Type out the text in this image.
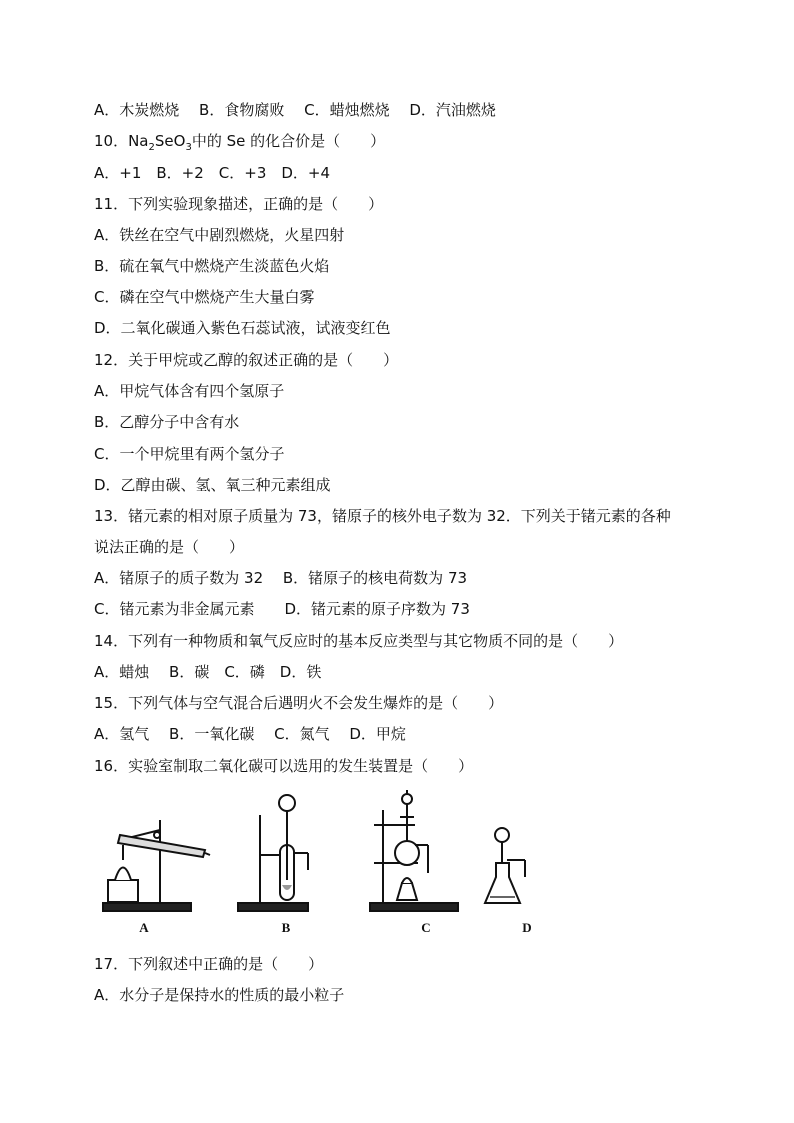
A．木炭燃烧　 B．食物腐败　 C．蜡烛燃烧　 D．汽油燃烧
10．$Na_2SeO_3$中的 Se 的化合价是（　　）
A．+1　B．+2　C．+3　D．+4
11．下列实验现象描述，正确的是（　　）
A．铁丝在空气中剧烈燃烧，火星四射
B．硫在氧气中燃烧产生淡蓝色火焰
C．磷在空气中燃烧产生大量白雾
D．二氧化碳通入紫色石蕊试液，试液变红色
12．关于甲烷或乙醇的叙述正确的是（　　）
A．甲烷气体含有四个氢原子
B．乙醇分子中含有水
C．一个甲烷里有两个氢分子
D．乙醇由碳、氢、氧三种元素组成
13．锗元素的相对原子质量为 73，锗原子的核外电子数为 32．下列关于锗元素的各种
说法正确的是（　　）
A．锗原子的质子数为 32　 B．锗原子的核电荷数为 73
C．锗元素为非金属元素　　D．锗元素的原子序数为 73
14．下列有一种物质和氧气反应时的基本反应类型与其它物质不同的是（　　）
A．蜡烛　 B．碳　C．磷　D．铁
15．下列气体与空气混合后遇明火不会发生爆炸的是（　　）
A．氢气　 B．一氧化碳　 C．氮气　 D．甲烷
16．实验室制取二氧化碳可以选用的发生装置是（　　）
A	B	C	D
17．下列叙述中正确的是（　　）
A．水分子是保持水的性质的最小粒子
